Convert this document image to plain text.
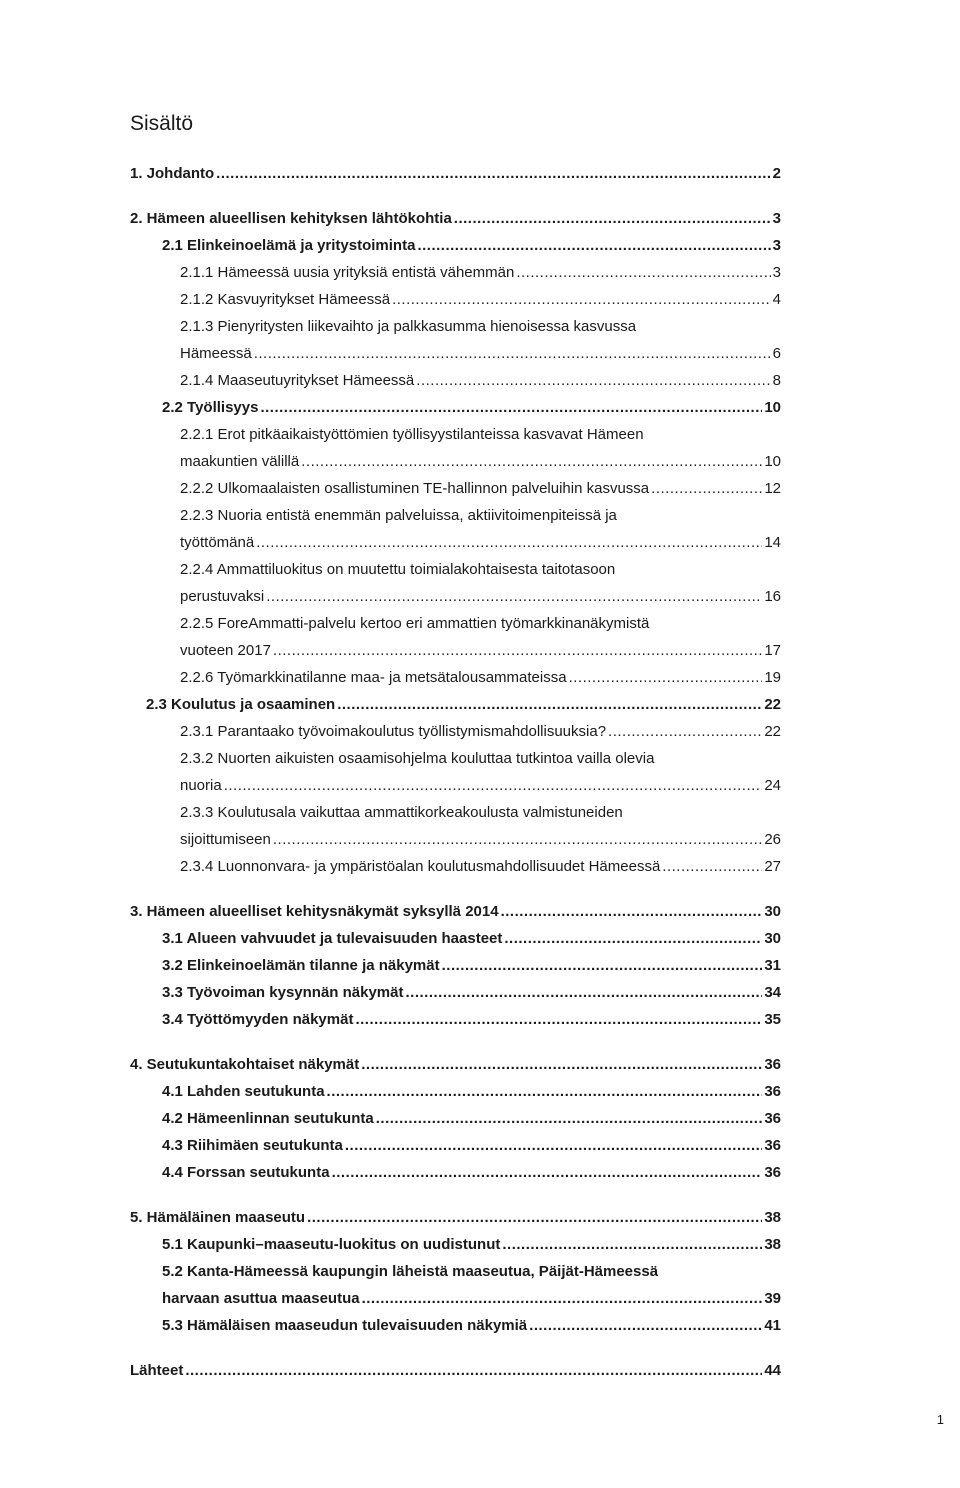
Sisältö
1. Johdanto .....	2
2. Hämeen alueellisen kehityksen lähtökohtia .....	3
2.1 Elinkeinoelämä ja yritystoiminta .....	3
2.1.1 Hämeessä uusia yrityksiä entistä vähemmän .....	3
2.1.2 Kasvuyritykset Hämeessä .....	4
2.1.3 Pienyritysten liikevaihto ja palkkasumma hienoisessa kasvussa
Hämeessä .....	6
2.1.4 Maaseutuyritykset Hämeessä .....	8
2.2 Työllisyys .....	10
2.2.1 Erot pitkäaikaistyöttömien työllisyystilanteissa kasvavat Hämeen
maakuntien välillä .....	10
2.2.2 Ulkomaalaisten osallistuminen TE-hallinnon palveluihin kasvussa .....	12
2.2.3 Nuoria entistä enemmän palveluissa, aktiivitoimenpiteissä ja
työttömänä .....	14
2.2.4 Ammattiluokitus on muutettu toimialakohtaisesta taitotasoon
perustuvaksi .....	16
2.2.5 ForeAmmatti-palvelu kertoo eri ammattien työmarkkinanäkymistä
vuoteen 2017 .....	17
2.2.6 Työmarkkinatilanne maa- ja metsätalousammateissa .....	19
2.3 Koulutus ja osaaminen .....	22
2.3.1 Parantaako työvoimakoulutus työllistymismahdollisuuksia? .....	22
2.3.2 Nuorten aikuisten osaamisohjelma kouluttaa tutkintoa vailla olevia
nuoria .....	24
2.3.3 Koulutusala vaikuttaa ammattikorkeakoulusta valmistuneiden
sijoittumiseen .....	26
2.3.4 Luonnonvara- ja ympäristöalan koulutusmahdollisuudet Hämeessä .....	27
3. Hämeen alueelliset kehitysnäkymät syksyllä 2014 .....	30
3.1 Alueen vahvuudet ja tulevaisuuden haasteet .....	30
3.2 Elinkeinoelämän tilanne ja näkymät .....	31
3.3 Työvoiman kysynnän näkymät .....	34
3.4 Työttömyyden näkymät .....	35
4. Seutukuntakohtaiset näkymät .....	36
4.1 Lahden seutukunta .....	36
4.2 Hämeenlinnan seutukunta .....	36
4.3 Riihimäen seutukunta .....	36
4.4 Forssan seutukunta .....	36
5. Hämäläinen maaseutu .....	38
5.1 Kaupunki–maaseutu-luokitus on uudistunut .....	38
5.2 Kanta-Hämeessä kaupungin läheistä maaseutua, Päijät-Hämeessä
harvaan asuttua maaseutua .....	39
5.3 Hämäläisen maaseudun tulevaisuuden näkymiä .....	41
Lähteet .....	44
1
